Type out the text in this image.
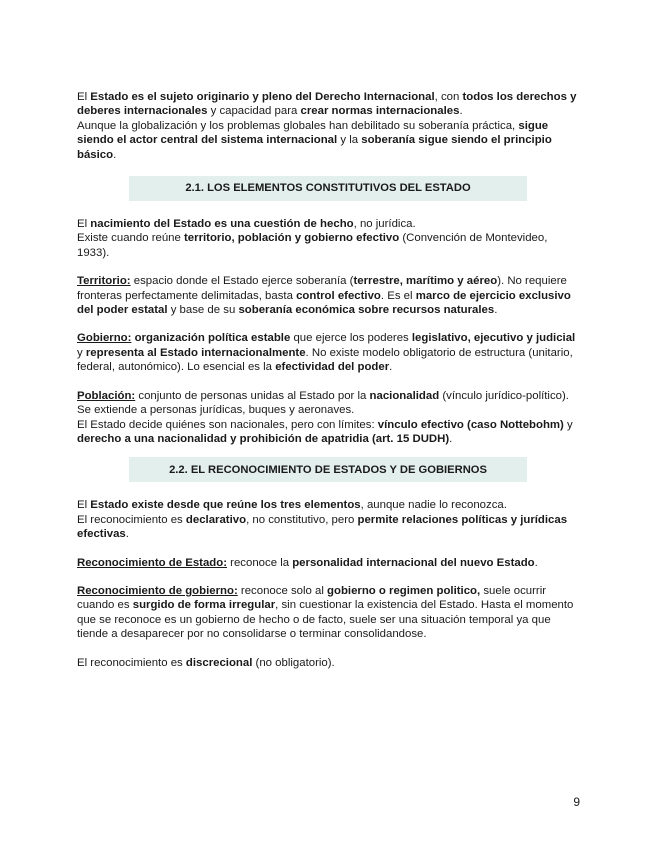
El Estado es el sujeto originario y pleno del Derecho Internacional, con todos los derechos y deberes internacionales y capacidad para crear normas internacionales.

Aunque la globalización y los problemas globales han debilitado su soberanía práctica, sigue siendo el actor central del sistema internacional y la soberanía sigue siendo el principio básico.

2.1. LOS ELEMENTOS CONSTITUTIVOS DEL ESTADO

El nacimiento del Estado es una cuestión de hecho, no jurídica.

Existe cuando reúne territorio, población y gobierno efectivo (Convención de Montevideo, 1933).

Territorio: espacio donde el Estado ejerce soberanía (terrestre, marítimo y aéreo). No requiere fronteras perfectamente delimitadas, basta control efectivo. Es el marco de ejercicio exclusivo del poder estatal y base de su soberanía económica sobre recursos naturales.

Gobierno: organización política estable que ejerce los poderes legislativo, ejecutivo y judicial y representa al Estado internacionalmente. No existe modelo obligatorio de estructura (unitario, federal, autonómico). Lo esencial es la efectividad del poder.

Población: conjunto de personas unidas al Estado por la nacionalidad (vínculo jurídico-político). Se extiende a personas jurídicas, buques y aeronaves.

El Estado decide quiénes son nacionales, pero con límites: vínculo efectivo (caso Nottebohm) y derecho a una nacionalidad y prohibición de apatridia (art. 15 DUDH).

2.2. EL RECONOCIMIENTO DE ESTADOS Y DE GOBIERNOS

El Estado existe desde que reúne los tres elementos, aunque nadie lo reconozca.

El reconocimiento es declarativo, no constitutivo, pero permite relaciones políticas y jurídicas efectivas.

Reconocimiento de Estado: reconoce la personalidad internacional del nuevo Estado.

Reconocimiento de gobierno: reconoce solo al gobierno o regimen politico, suele ocurrir cuando es surgido de forma irregular, sin cuestionar la existencia del Estado. Hasta el momento que se reconoce es un gobierno de hecho o de facto, suele ser una situación temporal ya que tiende a desaparecer por no consolidarse o terminar consolidandose.

El reconocimiento es discrecional (no obligatorio).

9
